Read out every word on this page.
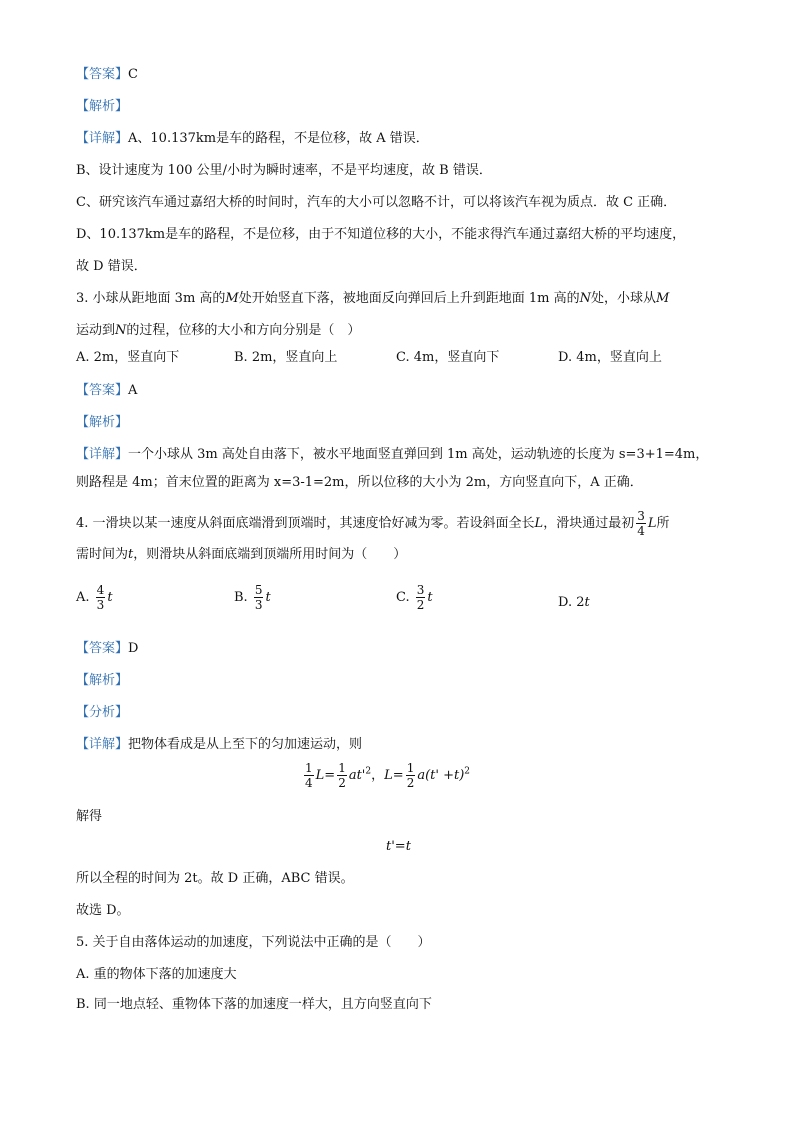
【答案】C
【解析】
【详解】A、10.137km是车的路程，不是位移，故 A 错误．
B、设计速度为 100 公里/小时为瞬时速率，不是平均速度，故 B 错误．
C、研究该汽车通过嘉绍大桥的时间时，汽车的大小可以忽略不计，可以将该汽车视为质点．故 C 正确．
D、10.137km是车的路程，不是位移，由于不知道位移的大小，不能求得汽车通过嘉绍大桥的平均速度，
故 D 错误．
3. 小球从距地面 3m 高的M处开始竖直下落，被地面反向弹回后上升到距地面 1m 高的N处，小球从M
运动到N的过程，位移的大小和方向分别是（　）
A. 2m，竖直向下	B. 2m，竖直向上	C. 4m，竖直向下	D. 4m，竖直向上
【答案】A
【解析】
【详解】一个小球从 3m 高处自由落下，被水平地面竖直弹回到 1m 高处，运动轨迹的长度为 s=3+1=4m，
则路程是 4m；首末位置的距离为 x=3-1=2m，所以位移的大小为 2m，方向竖直向下，A 正确．
4. 一滑块以某一速度从斜面底端滑到顶端时，其速度恰好减为零。若设斜面全长L，滑块通过最初 $\frac{3}{4}$ L所
需时间为t，则滑块从斜面底端到顶端所用时间为（　　）
A. $\frac{4}{3}$ t	B. $\frac{5}{3}$ t	C. $\frac{3}{2}$ t	D. 2t
【答案】D
【解析】
【分析】
【详解】把物体看成是从上至下的匀加速运动，则
$\frac{1}{4} L= \frac{1}{2} at'^2$，$L= \frac{1}{2} a(t' +t)^2$
解得
t'=t
所以全程的时间为 2t。故 D 正确，ABC 错误。
故选 D。
5. 关于自由落体运动的加速度，下列说法中正确的是（　　）
A. 重的物体下落的加速度大
B. 同一地点轻、重物体下落的加速度一样大，且方向竖直向下
